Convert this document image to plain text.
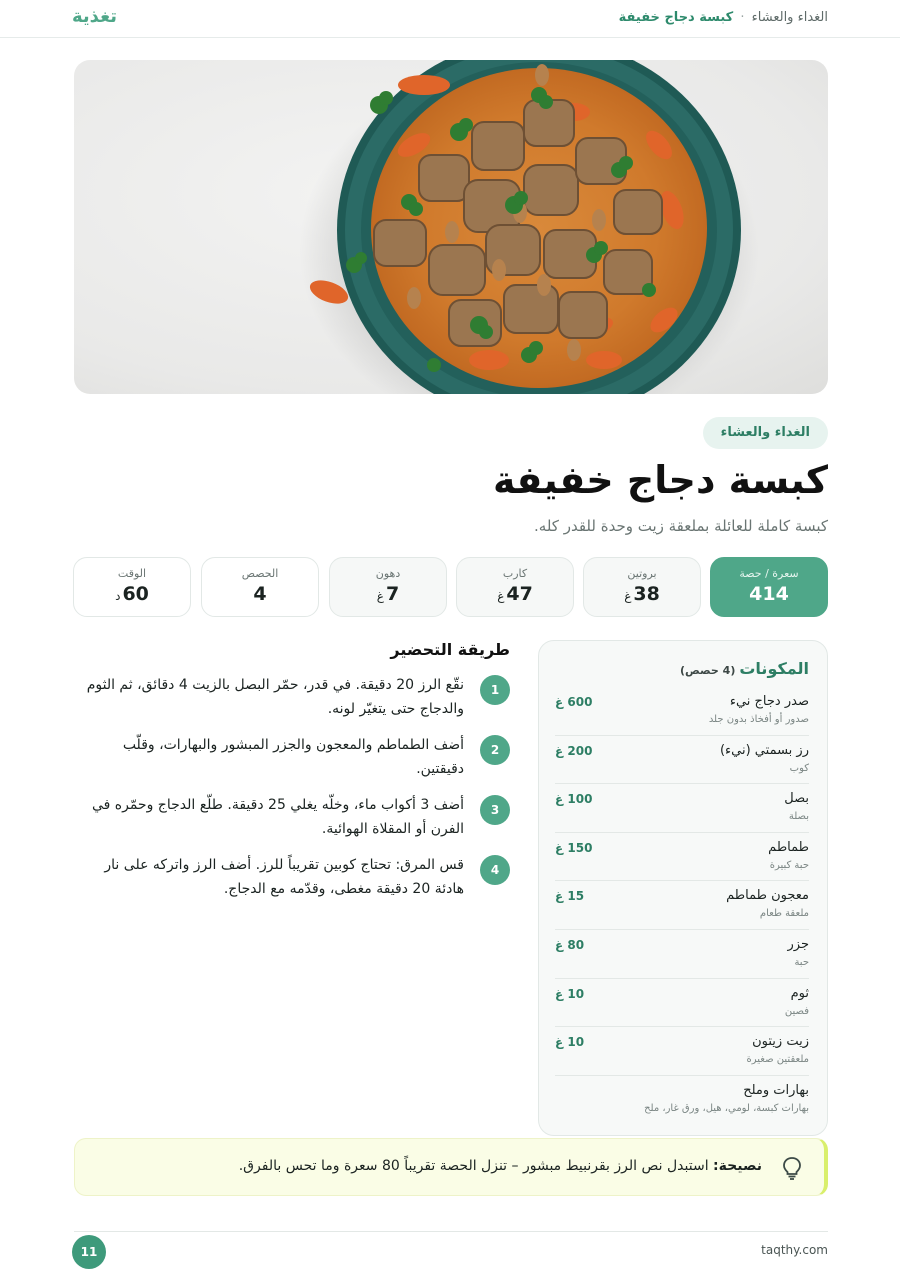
الغداء والعشاء · كبسة دجاج خفيفة
تغذية
الغداء والعشاء
كبسة دجاج خفيفة

كبسة كاملة للعائلة بملعقة زيت وحدة للقدر كله.

سعرة / حصة
414
بروتين
38غ
كارب
47غ
دهون
7غ
الحصص
4
الوقت
60د
المكونات(4 حصص)
صدر دجاج نيء
صدور أو أفخاذ بدون جلد
600 غ
رز بسمتي (نيء)
كوب
200 غ
بصل
بصلة
100 غ
طماطم
حبة كبيرة
150 غ
معجون طماطم
ملعقة طعام
15 غ
جزر
حبة
80 غ
ثوم
فصين
10 غ
زيت زيتون
ملعقتين صغيرة
10 غ
بهارات وملح
بهارات كبسة، لومي، هيل، ورق غار، ملح
طريقة التحضير
1

نقّع الرز 20 دقيقة. في قدر، حمّر البصل بالزيت 4 دقائق، ثم الثوم والدجاج حتى يتغيّر لونه.

2

أضف الطماطم والمعجون والجزر المبشور والبهارات، وقلّب دقيقتين.

3

أضف 3 أكواب ماء، وخلّه يغلي 25 دقيقة. طلّع الدجاج وحمّره في الفرن أو المقلاة الهوائية.

4

قس المرق: تحتاج كوبين تقريباً للرز. أضف الرز واتركه على نار هادئة 20 دقيقة مغطى، وقدّمه مع الدجاج.

نصيحة: استبدل نص الرز بقرنبيط مبشور – تنزل الحصة تقريباً 80 سعرة وما تحس بالفرق.

taqthy.com
11
